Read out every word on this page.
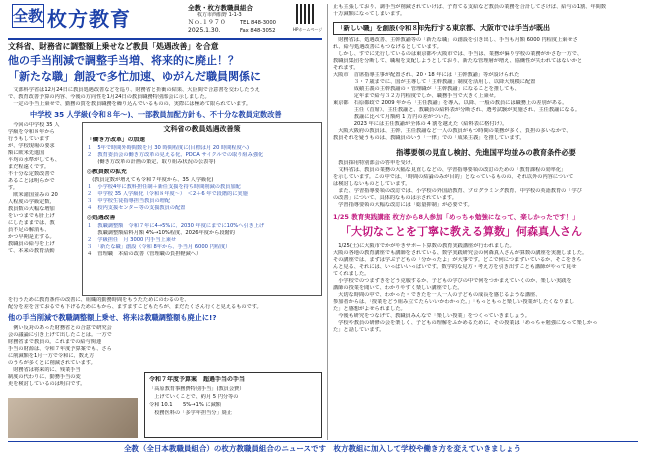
全教 枚方教育	全教・枚方教職員組合
枚方市西船野 1-1-3
Ｎｏ.１９７０	TEL 848-3000
2025.1.30.	Fax 848-3052	HPホームページ
文科省、財務省に調整額上乗せなど教員「処遇改善」を合意
他の手当削減で調整手当増、将来的に廃止！？
「新たな職」創設で多忙加速、ゆがんだ職員関係に
　文部科学省は12月24日に教員処遇改善などを巡り、財務省と折衝の結果、大臣間で合意書を交わしたうえ
で、教育改善予算の内容、今後の方向性を1月24日の教員職務特別部会に示しました。
　一定の手当上乗せで、勤務の質を教員職務を繰り込んでいるものの、実際には極めて限られています。
中学校 35 人学級(令和８年～)、一部教員加配方針も、不十分な教員定数改善
　今回の中学校 35 人
学級を令和８年から
行うもしています
が、学校現場の要求
額に欧米先進国
平均の水準がしても、
まだ程遠くです。
不十分な定数改善で
あることは明らかで
す。
　欧米諸国並みの 20
人程度の学級定数、
教員数の大幅な増加
をいつまでも肝上げ
にしたままでは、教
員不足の解消も、
かつ早期是正する。
教職員の給与を上げ
て、本来の教育活動
文科省の教員処遇改善策
「働き方改革」の加速
１　5年で時間外時間数を月 30 時間程度に(目標は月 20 時間程度へ)
２　教育委員会の働き方改革の見える化、PDCA サイクルでの取り組み強化
　　(働き方改革の計画の策定、取り組み状況の公表等)
◎教員数の拡充
　(教員定数が増えても令和７年度から、35 人学級化)
１　小学校4年に教科担任制＋新任支援を持ち時間削減の教員加配
２　中学校 35 人学級化（令和８年度～）　＜2＋6 年で段階的に実施
３　中学校生徒指導担当教員の増配
４　校内支援センター等の支援教員の配置
◎処遇改善
１　教職調整額　令和７年に4→5%に、2030 年度にまでに10%へ引き上げ
　　教職調整額給料月額 4%→10%程度、2026年度から段階的
２　学級担任　月 3000 円手当上乗せ
３　「新たな職」創設（令和 8年から、手当月 6000 円程度）
４　管理職　本給の改善（管理職の負担軽減へ）
を行うために教育条件の改善に、組織的勤務時間をもうたためにのわるのを、
配分を差を含ておるでも下げるためにもから、ますますこどもたちが、まだたくさん行くと見えるものです。
他の手当削減で教職調整額上乗せ、将来は教職調整額も廃止に!?
　例い反対のあった財務省との合意で研究会
会の議論に引き上げて出したことは。一方で
財務省まで教員の。これまでの給与関連
手当の財源は、令和７年度予算案でも、さら
に削減額を1月一方で令和に、数え方
のうちが多くとに削減されています。
　財務省は将来的に、残業手当
制度の代わりに、勤務手当の変
更を検討しているのは明白です。
令和７年度予算案　超過手当の手当
「高原教育事務費特別手当」(教員会費）
　上げていくことで、約月 5 円分等の
令和 10.1　　5%→1% に減額
　校務医料の「多学年担当分」廃止
止も主張しており、調手当が削減されていけば、子育てる支給など教員の業務を合計してさけば、給与の1割、年間数
十万減額になってしまいます。
「新しい職」を創設(令和８年～)
先行する東京都、大阪市では手当が既出
　財務省は、処遇改善、主幹教諭等の「新たな職」の創設を引き出し、手当も月額 6000 円程度上乗せさ
れ、給与処遇改善にもつなげるとしています。
　しかし、すでに先行しているのは東京都や大阪市では、手当は、業務が偏り学校の業務がかさむ一方で、
教職員集団を分断して、職場を支配しようとしており、新たな管理層が増え、協働性が失われてはないかと
それます。
大阪市　首席指導主事が配置され、20・18 年には「主幹教諭」等が設けられた
　　　　３・７歳までに、国が主導して「主幹教諭」制度を活用し、以降大規模に配置
　　　　成績主義の主幹教諭の・管理職が「主幹教諭」になることを推しても、
　　　　定年まで給与３２万円程度でしか、職務手当で大きく上乗せ。
東京都　石原都政で 2009 年から「主任教諭」を導入、以降、一般の教員には職務上の差別がある。
　　　　主任（首席）、主任教諭と、教職員の給料表が分断され、選考試験が実施され、主任教諭になる。
　　　　教諭に比べて月額約 1 万円の差がついた。
　　　　2023 年には主任教諭が全体の 4 割を越えた（給料表に格付け）。
　大阪大阪府の教員は、主幹、主任教諭など一人の教員がもつ時間の業務が多く、負担の多いなかで、
教員それを疑うものは、教職員のいう「一律」での「成果主義」を推しています。
指導要領の見直し検討、先進国平均並みの教育条件必要
　教員採用特別部会の答申を受け、
　文科省は、教員の業務の大幅な見直しなどの、学習指導要領の改訂のための「教育課程の効率化」
を示しています。この中では、「時間の結論のみが目的」となっているものの、それ以外の内容について
は検討しないものとしています。
　また、学習指導要領の改訂では、小学校の外国語教育、プログラミング教育、中学校の英語教育の「学び
の改善」について、具体的なものは示されています。
　学習指導要領の大幅な改訂には「総量抑制」が必要です。
1/25 教育実践講座 枚方から8人参加「めっちゃ勉強になって、楽しかったです！」
「大切なことを丁寧に教える算数」何森真人さん
　1/25(土)に大阪市でかがやきサポート算数の教育実践講座が行われました。
大阪の各地の教育講座でも講師をされている、数学実践研究会の何森真人さんが算数の講座を実施しました。
その講座では、まずは学ぶ子どもの「分かったよ」が大事です。どこで何につまずいているか、そこをきち
んと見る、それには、いっぱいいっぱいです。数学的な見方・考え方を引き出すことも講師がやって見せ
てくれました。
　小学校でのつまずきをどう克服するか、子どもの学びの中で何をつかまえていくのか、楽しい実践を
講師の授業を聞いて、わかりやすく楽しい講座でした。
　大切な時間の中で、わかった・できたを一人一人の子どもの成長を感じるような講座、
参加者からは、「授業をどう組み立てたらいいかわかった。」「もっともっと楽しい授業がしたくなりまし
た」と感想がよせられました。
　今後も研究をつなげて、教職員みんなで「楽しい授業」をつくっていきましょう。
　学校や教員の研修の会を楽しく、子どもの理解をふかめるために、その授業は「めっちゃ勉強になって楽しかっ
た」と話しています。
全教（全日本教職員組合）の枚方教職員組合のニュースです　枚方教組に加入して学校や働き方を変えていきましょう
